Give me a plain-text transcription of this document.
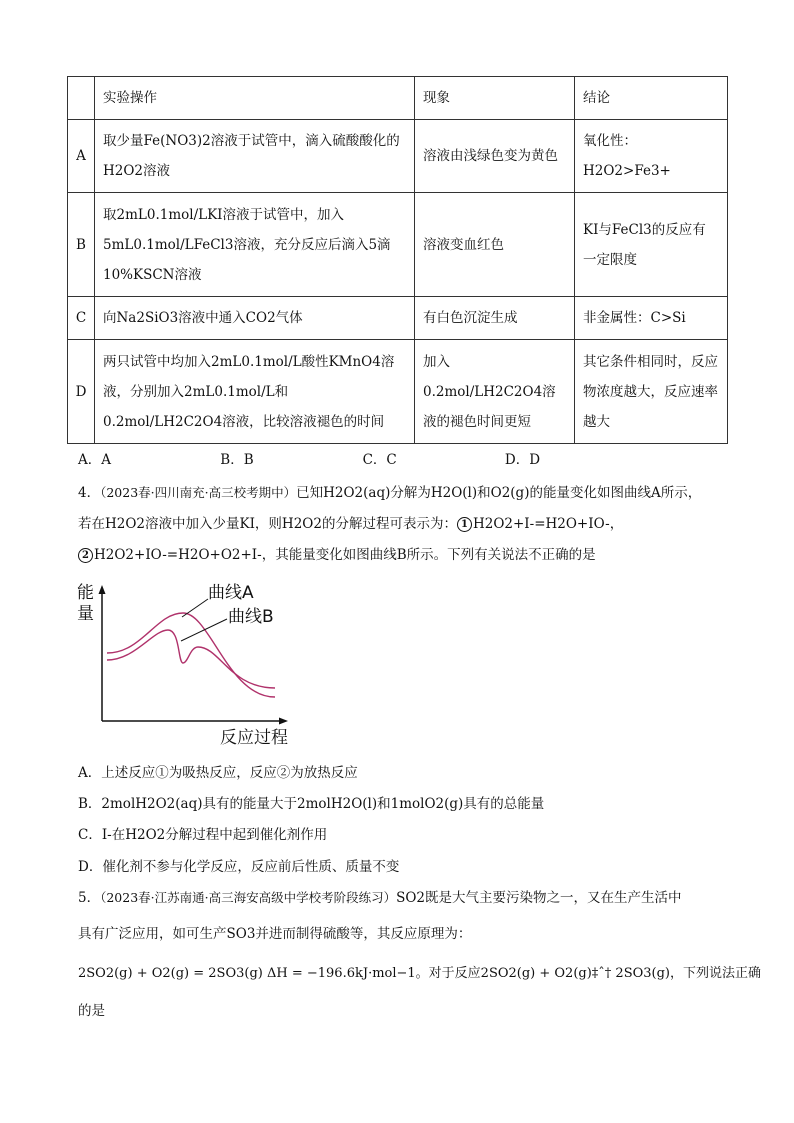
	实验操作	现象	结论
A	取少量Fe(NO3)2溶液于试管中，滴入硫酸酸化的H2O2溶液	溶液由浅绿色变为黄色	氧化性：H2O2>Fe3+
B	取2mL0.1mol/LKI溶液于试管中，加入5mL0.1mol/LFeCl3溶液，充分反应后滴入5滴10%KSCN溶液	溶液变血红色	KI与FeCl3的反应有一定限度
C	向Na2SiO3溶液中通入CO2气体	有白色沉淀生成	非金属性：C>Si
D	两只试管中均加入2mL0.1mol/L酸性KMnO4溶液，分别加入2mL0.1mol/L和0.2mol/LH2C2O4溶液，比较溶液褪色的时间	加入0.2mol/LH2C2O4溶液的褪色时间更短	其它条件相同时，反应物浓度越大，反应速率越大
A．A	B．B	C．C	D．D
4．（2023春·四川南充·高三校考期中）已知H2O2(aq)分解为H2O(l)和O2(g)的能量变化如图曲线A所示，
若在H2O2溶液中加入少量KI，则H2O2的分解过程可表示为： 1 H2O2+I-=H2O+IO-，
2 H2O2+IO-=H2O+O2+I-，其能量变化如图曲线B所示。下列有关说法不正确的是
能
量
曲线A
曲线B
反应过程
A．上述反应①为吸热反应，反应②为放热反应
B．2molH2O2(aq)具有的能量大于2molH2O(l)和1molO2(g)具有的总能量
C．I-在H2O2分解过程中起到催化剂作用
D．催化剂不参与化学反应，反应前后性质、质量不变
5．（2023春·江苏南通·高三海安高级中学校考阶段练习）SO2既是大气主要污染物之一，又在生产生活中
具有广泛应用，如可生产SO3并进而制得硫酸等，其反应原理为：
2SO2(g) + O2(g) = 2SO3(g) ΔH = −196.6kJ·mol−1。对于反应2SO2(g) + O2(g)‡ˆ† 2SO3(g)，下列说法正确
的是
